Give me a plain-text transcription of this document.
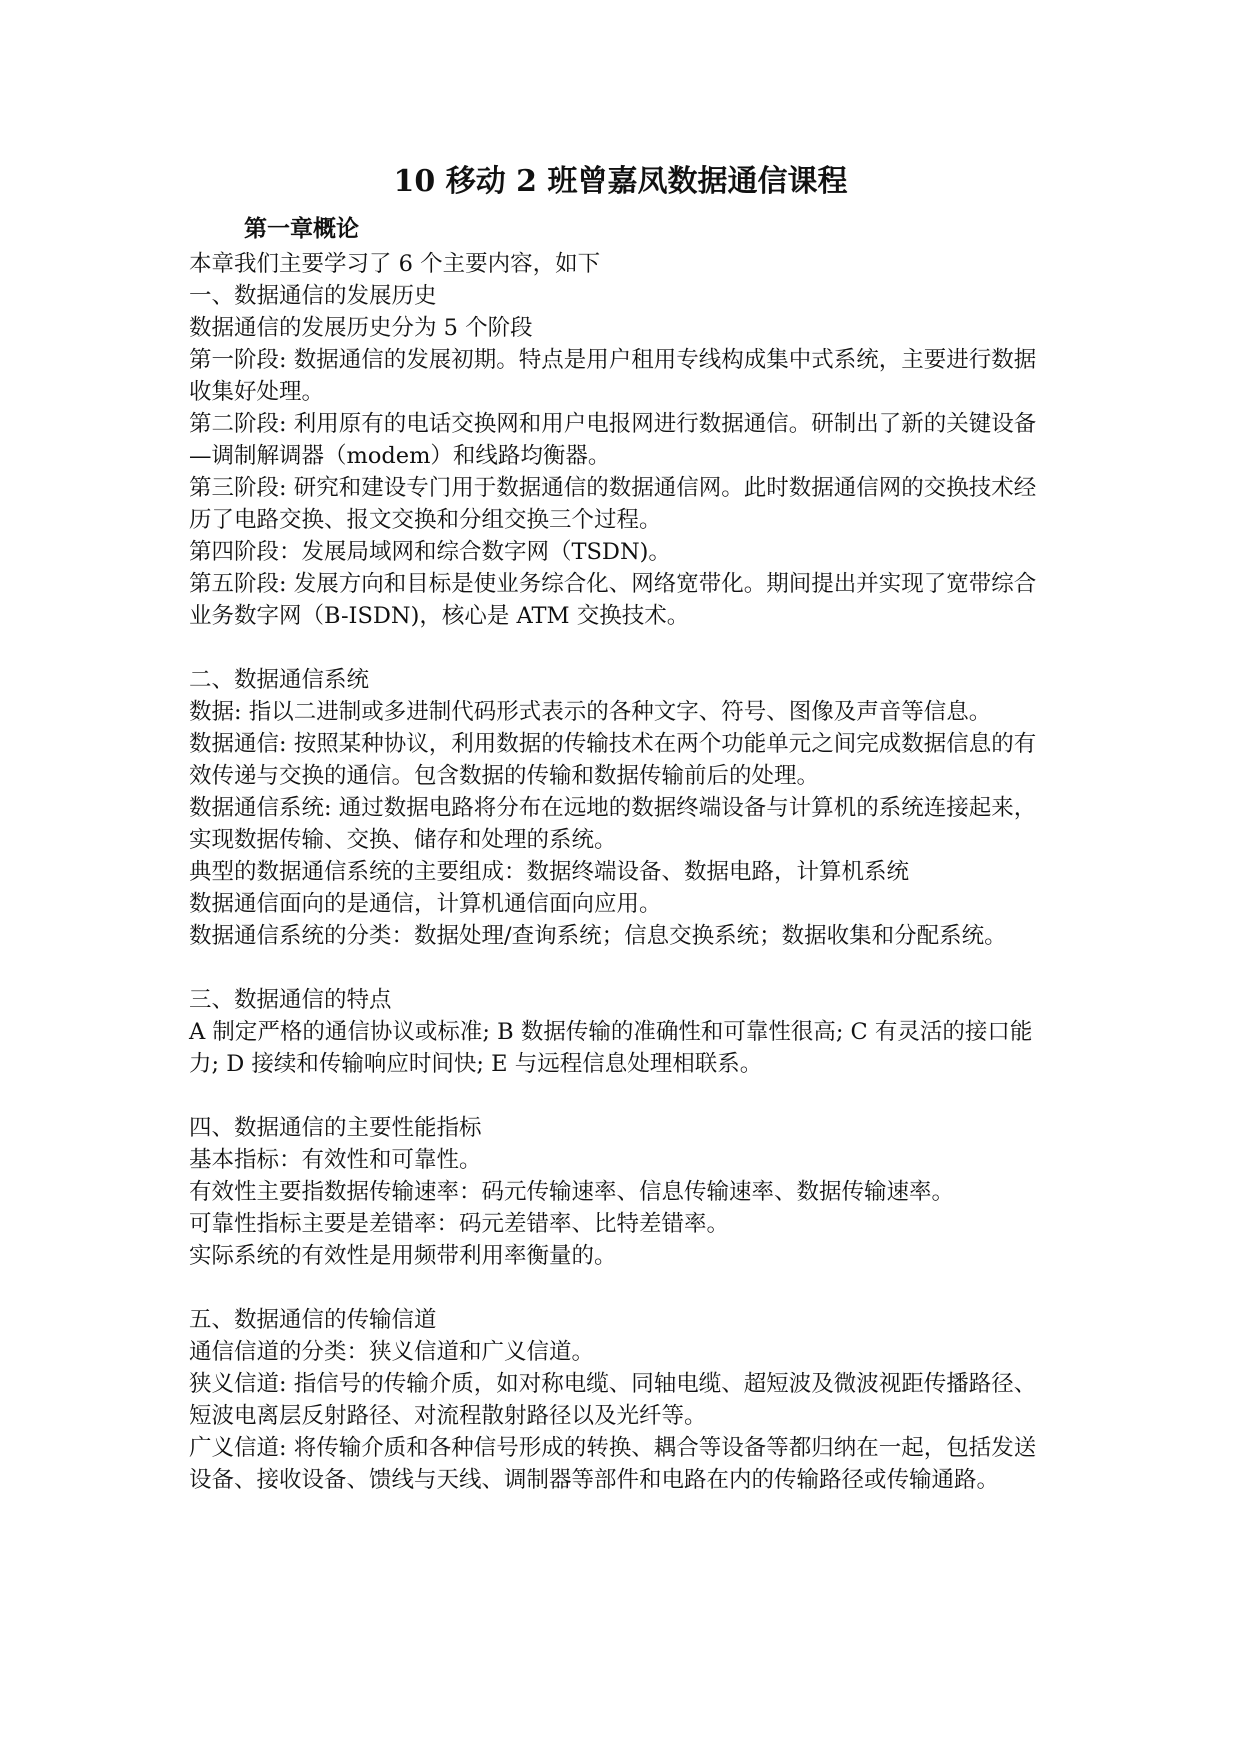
10 移动 2 班曾嘉凤数据通信课程
第一章概论

本章我们主要学习了 6 个主要内容，如下

一、数据通信的发展历史

数据通信的发展历史分为 5 个阶段

第一阶段: 数据通信的发展初期。特点是用户租用专线构成集中式系统，主要进行数据收集好处理。

第二阶段: 利用原有的电话交换网和用户电报网进行数据通信。研制出了新的关键设备—调制解调器（modem）和线路均衡器。

第三阶段: 研究和建设专门用于数据通信的数据通信网。此时数据通信网的交换技术经历了电路交换、报文交换和分组交换三个过程。

第四阶段：发展局域网和综合数字网（TSDN)。

第五阶段: 发展方向和目标是使业务综合化、网络宽带化。期间提出并实现了宽带综合业务数字网（B-ISDN)，核心是 ATM 交换技术。

二、数据通信系统

数据: 指以二进制或多进制代码形式表示的各种文字、符号、图像及声音等信息。

数据通信: 按照某种协议，利用数据的传输技术在两个功能单元之间完成数据信息的有效传递与交换的通信。包含数据的传输和数据传输前后的处理。

数据通信系统: 通过数据电路将分布在远地的数据终端设备与计算机的系统连接起来，实现数据传输、交换、储存和处理的系统。

典型的数据通信系统的主要组成：数据终端设备、数据电路，计算机系统

数据通信面向的是通信，计算机通信面向应用。

数据通信系统的分类：数据处理/查询系统；信息交换系统；数据收集和分配系统。

三、数据通信的特点

A 制定严格的通信协议或标准; B 数据传输的准确性和可靠性很高; C 有灵活的接口能力; D 接续和传输响应时间快; E 与远程信息处理相联系。

四、数据通信的主要性能指标

基本指标：有效性和可靠性。

有效性主要指数据传输速率：码元传输速率、信息传输速率、数据传输速率。

可靠性指标主要是差错率：码元差错率、比特差错率。

实际系统的有效性是用频带利用率衡量的。

五、数据通信的传输信道

通信信道的分类：狭义信道和广义信道。

狭义信道: 指信号的传输介质，如对称电缆、同轴电缆、超短波及微波视距传播路径、短波电离层反射路径、对流程散射路径以及光纤等。

广义信道: 将传输介质和各种信号形成的转换、耦合等设备等都归纳在一起，包括发送设备、接收设备、馈线与天线、调制器等部件和电路在内的传输路径或传输通路。
